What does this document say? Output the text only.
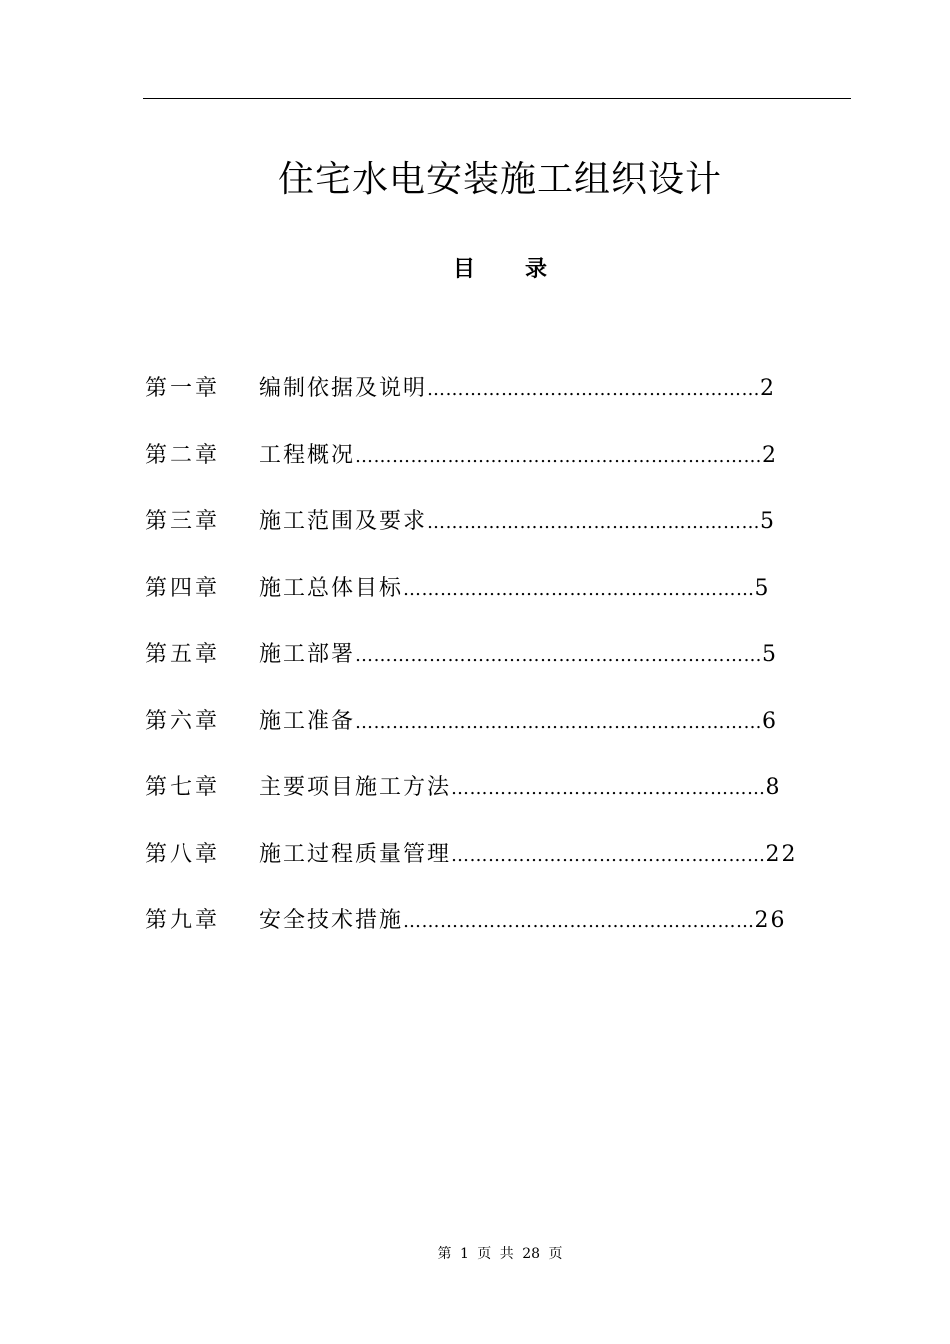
住宅水电安装施工组织设计
目 录
第一章 编制依据及说明………………………………………………2
第二章 工程概况…………………………………………………………2
第三章 施工范围及要求………………………………………………5
第四章 施工总体目标…………………………………………………5
第五章 施工部署…………………………………………………………5
第六章 施工准备…………………………………………………………6
第七章 主要项目施工方法……………………………………………8
第八章 施工过程质量管理……………………………………………22
第九章 安全技术措施…………………………………………………26
第 1 页 共 28 页
